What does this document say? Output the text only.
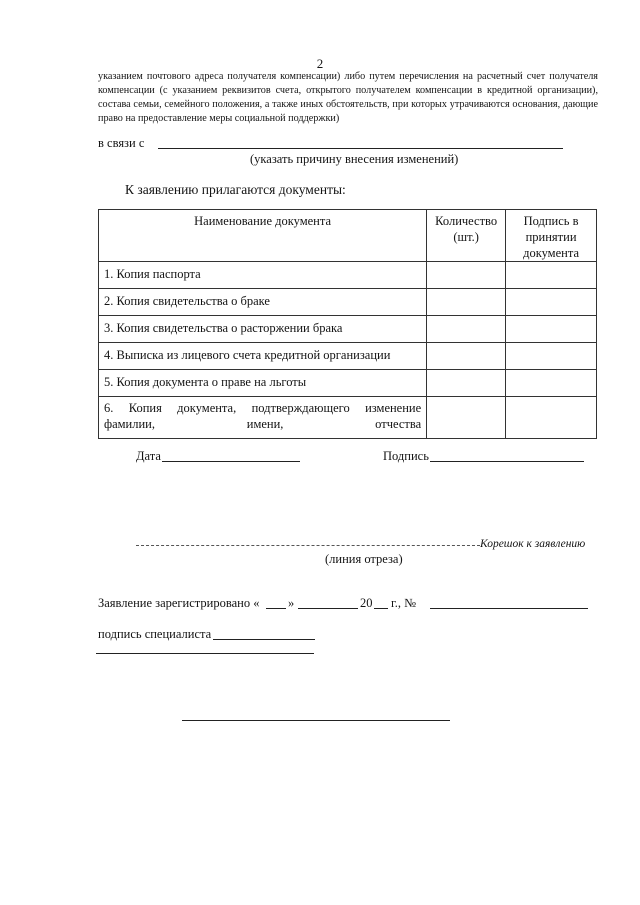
2
указанием почтового адреса получателя компенсации) либо путем перечисления на расчетный счет получателя компенсации (с указанием реквизитов счета, открытого получателем компенсации в кредитной организации), состава семьи, семейного положения, а также иных обстоятельств, при которых утрачиваются основания, дающие право на предоставление меры социальной поддержки)
в связи с
(указать причину внесения изменений)
К заявлению прилагаются документы:
Наименование документа	Количество (шт.)	Подпись в принятии документа
1. Копия паспорта		
2. Копия свидетельства о браке		
3. Копия свидетельства о расторжении брака		
4. Выписка из лицевого счета кредитной организации		
5. Копия документа о праве на льготы		
6. Копия документа, подтверждающего изменение фамилии, имени, отчества		
Дата	Подпись
Корешок к заявлению
(линия отреза)
Заявление зарегистрировано « »	20 г., №
подпись специалиста
